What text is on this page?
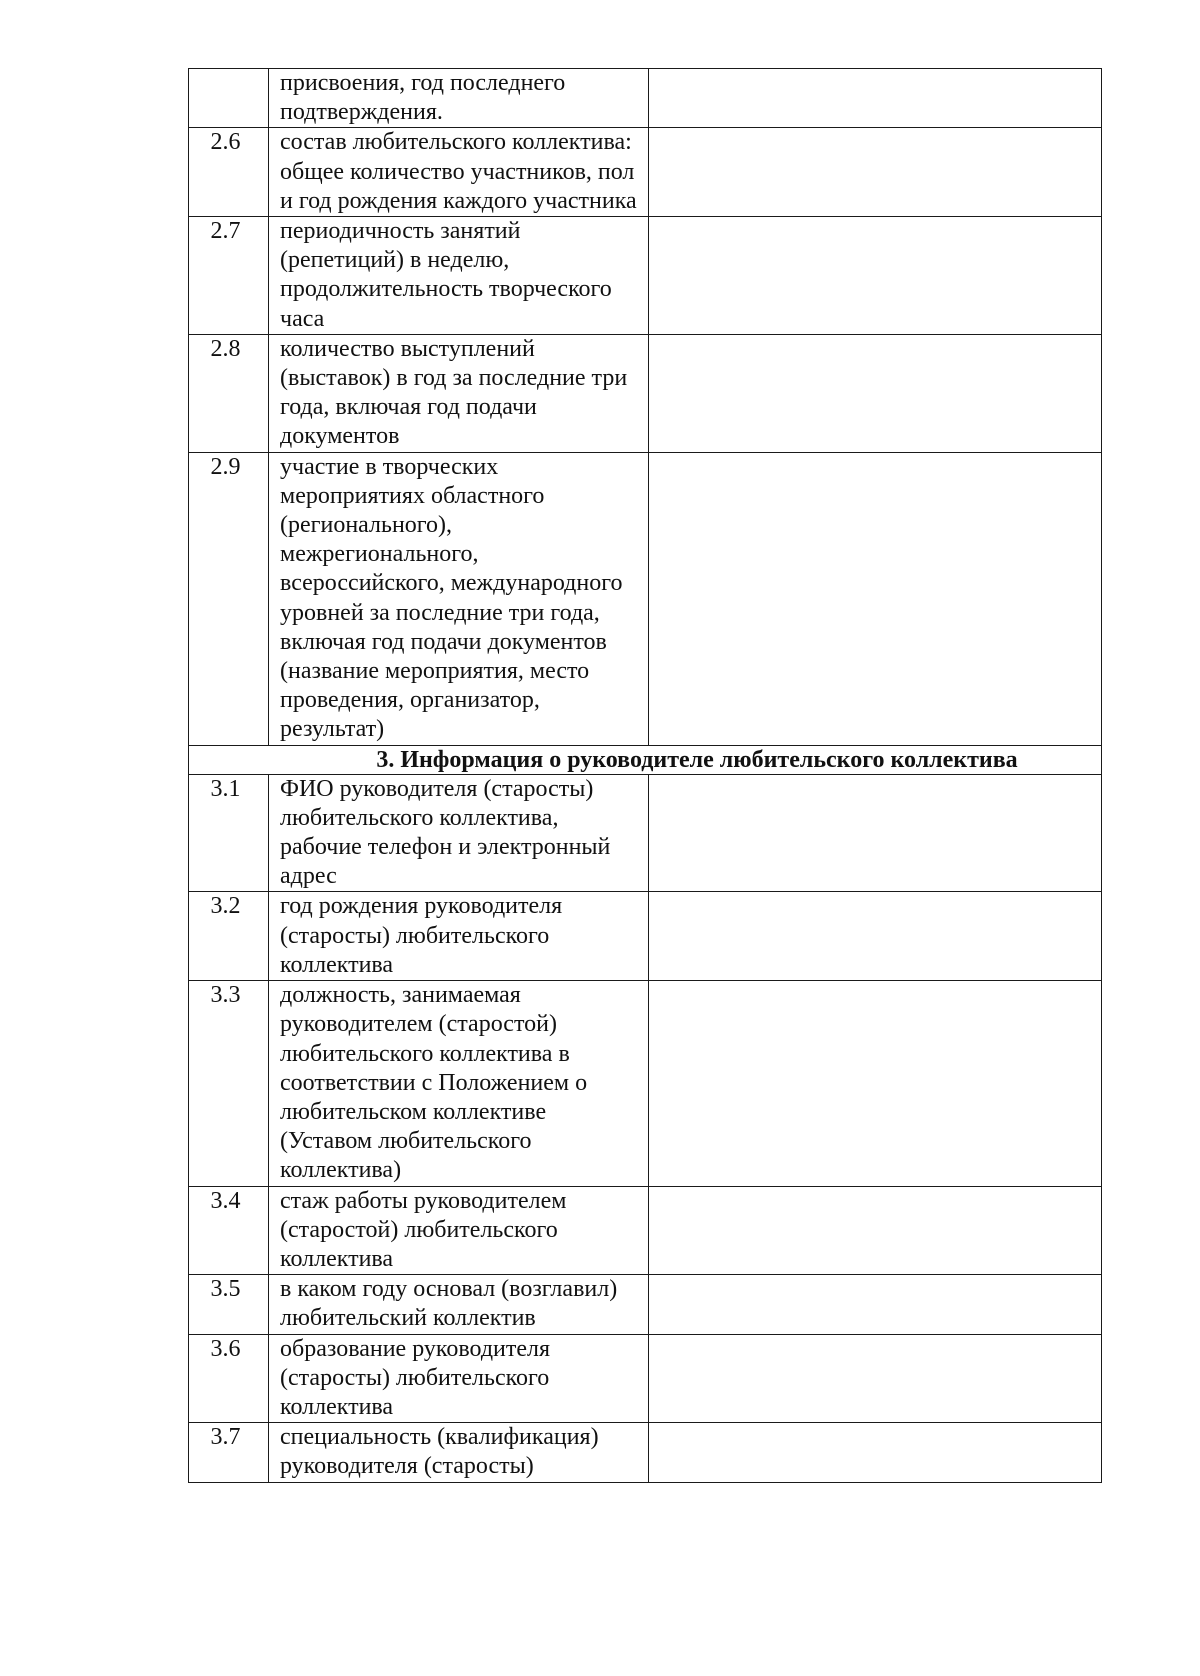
	присвоения, год последнего подтверждения.	
2.6	состав любительского коллектива: общее количество участников, пол и год рождения каждого участника	
2.7	периодичность занятий (репетиций) в неделю, продолжительность творческого часа	
2.8	количество выступлений (выставок) в год за последние три года, включая год подачи документов	
2.9	участие в творческих мероприятиях областного (регионального), межрегионального, всероссийского, международного уровней за последние три года, включая год подачи документов (название мероприятия, место проведения, организатор, результат)	
3. Информация о руководителе любительского коллектива		
3.1	ФИО руководителя (старосты) любительского коллектива, рабочие телефон и электронный адрес	
3.2	год рождения руководителя (старосты) любительского коллектива	
3.3	должность, занимаемая руководителем (старостой) любительского коллектива в соответствии с Положением о любительском коллективе (Уставом любительского коллектива)	
3.4	стаж работы руководителем (старостой) любительского коллектива	
3.5	в каком году основал (возглавил) любительский коллектив	
3.6	образование руководителя (старосты) любительского коллектива	
3.7	специальность (квалификация) руководителя (старосты)	
